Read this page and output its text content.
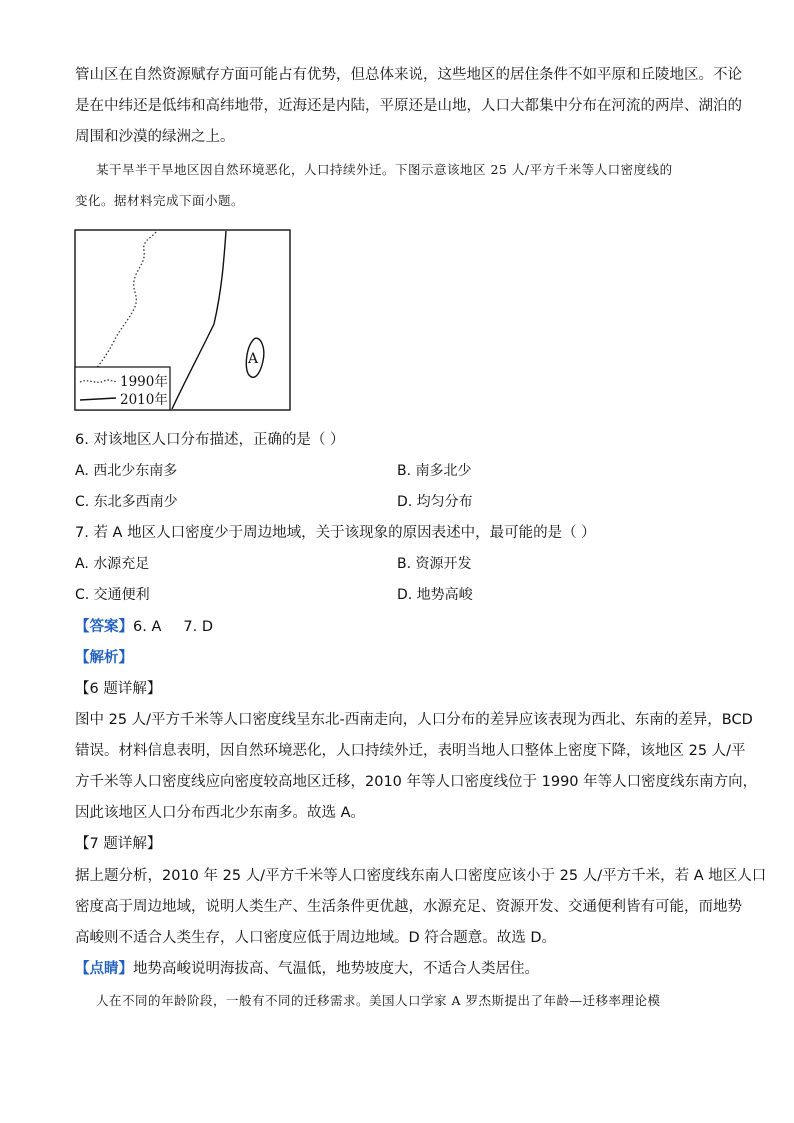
管山区在自然资源赋存方面可能占有优势，但总体来说，这些地区的居住条件不如平原和丘陵地区。不论
是在中纬还是低纬和高纬地带，近海还是内陆，平原还是山地，人口大都集中分布在河流的两岸、湖泊的
周围和沙漠的绿洲之上。
某干旱半干旱地区因自然环境恶化，人口持续外迁。下图示意该地区 25 人/平方千米等人口密度线的
变化。据材料完成下面小题。
A
1990年
2010年
6. 对该地区人口分布描述，正确的是（ ）
A. 西北少东南多	B. 南多北少
C. 东北多西南少	D. 均匀分布
7. 若 A 地区人口密度少于周边地域，关于该现象的原因表述中，最可能的是（ ）
A. 水源充足	B. 资源开发
C. 交通便利	D. 地势高峻
【答案】6. A 7. D
【解析】
【6 题详解】
图中 25 人/平方千米等人口密度线呈东北-西南走向，人口分布的差异应该表现为西北、东南的差异，BCD
错误。材料信息表明，因自然环境恶化，人口持续外迁，表明当地人口整体上密度下降，该地区 25 人/平
方千米等人口密度线应向密度较高地区迁移，2010 年等人口密度线位于 1990 年等人口密度线东南方向，
因此该地区人口分布西北少东南多。故选 A。
【7 题详解】
据上题分析，2010 年 25 人/平方千米等人口密度线东南人口密度应该小于 25 人/平方千米，若 A 地区人口
密度高于周边地域，说明人类生产、生活条件更优越，水源充足、资源开发、交通便利皆有可能，而地势
高峻则不适合人类生存，人口密度应低于周边地域。D 符合题意。故选 D。
【点睛】地势高峻说明海拔高、气温低，地势坡度大，不适合人类居住。
人在不同的年龄阶段，一般有不同的迁移需求。美国人口学家 A 罗杰斯提出了年龄—迁移率理论模
